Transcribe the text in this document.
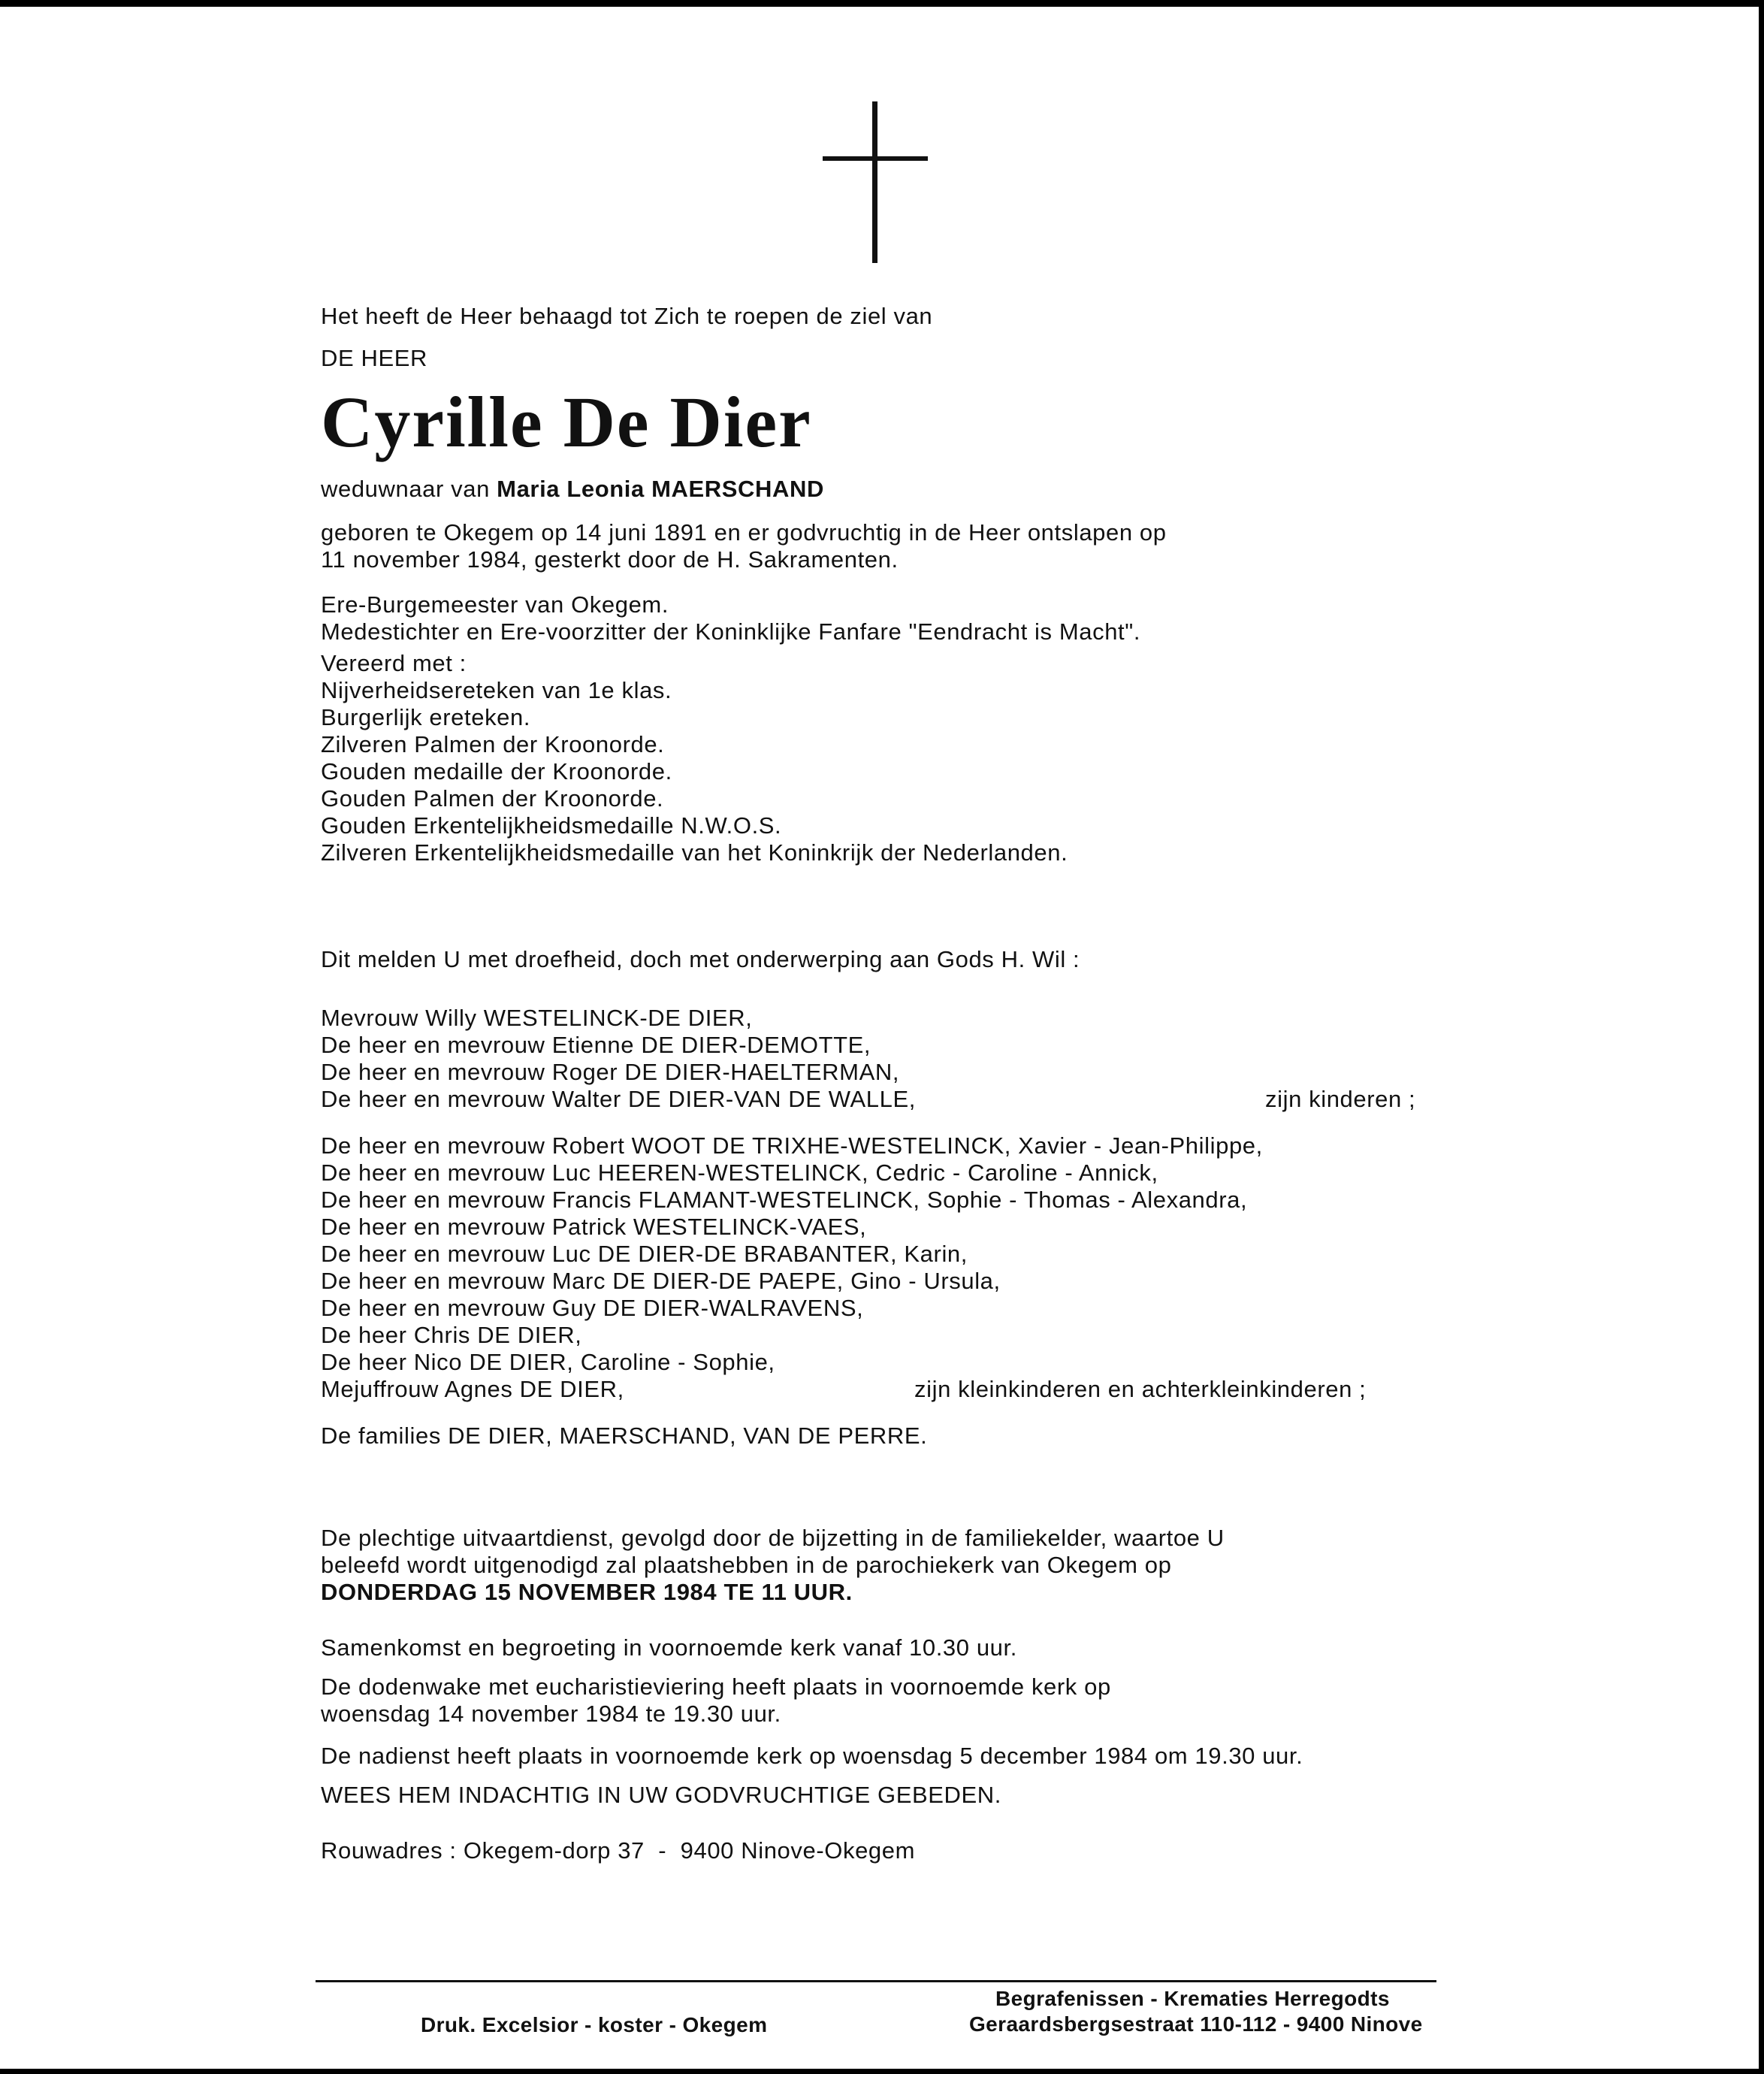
Het heeft de Heer behaagd tot Zich te roepen de ziel van

DE HEER

Cyrille De Dier

weduwnaar van Maria Leonia MAERSCHAND

geboren te Okegem op 14 juni 1891 en er godvruchtig in de Heer ontslapen op

11 november 1984, gesterkt door de H. Sakramenten.

Ere-Burgemeester van Okegem.

Medestichter en Ere-voorzitter der Koninklijke Fanfare "Eendracht is Macht".

Vereerd met :

Nijverheidsereteken van 1e klas.

Burgerlijk ereteken.

Zilveren Palmen der Kroonorde.

Gouden medaille der Kroonorde.

Gouden Palmen der Kroonorde.

Gouden Erkentelijkheidsmedaille N.W.O.S.

Zilveren Erkentelijkheidsmedaille van het Koninkrijk der Nederlanden.

Dit melden U met droefheid, doch met onderwerping aan Gods H. Wil :

Mevrouw Willy WESTELINCK-DE DIER,

De heer en mevrouw Etienne DE DIER-DEMOTTE,

De heer en mevrouw Roger DE DIER-HAELTERMAN,

De heer en mevrouw Walter DE DIER-VAN DE WALLE,	zijn kinderen ;

De heer en mevrouw Robert WOOT DE TRIXHE-WESTELINCK, Xavier - Jean-Philippe,

De heer en mevrouw Luc HEEREN-WESTELINCK, Cedric - Caroline - Annick,

De heer en mevrouw Francis FLAMANT-WESTELINCK, Sophie - Thomas - Alexandra,

De heer en mevrouw Patrick WESTELINCK-VAES,

De heer en mevrouw Luc DE DIER-DE BRABANTER, Karin,

De heer en mevrouw Marc DE DIER-DE PAEPE, Gino - Ursula,

De heer en mevrouw Guy DE DIER-WALRAVENS,

De heer Chris DE DIER,

De heer Nico DE DIER, Caroline - Sophie,

Mejuffrouw Agnes DE DIER,	zijn kleinkinderen en achterkleinkinderen ;

De families DE DIER, MAERSCHAND, VAN DE PERRE.

De plechtige uitvaartdienst, gevolgd door de bijzetting in de familiekelder, waartoe U

beleefd wordt uitgenodigd zal plaatshebben in de parochiekerk van Okegem op

DONDERDAG 15 NOVEMBER 1984 TE 11 UUR.

Samenkomst en begroeting in voornoemde kerk vanaf 10.30 uur.

De dodenwake met eucharistieviering heeft plaats in voornoemde kerk op

woensdag 14 november 1984 te 19.30 uur.

De nadienst heeft plaats in voornoemde kerk op woensdag 5 december 1984 om 19.30 uur.

WEES HEM INDACHTIG IN UW GODVRUCHTIGE GEBEDEN.

Rouwadres : Okegem-dorp 37  -  9400 Ninove-Okegem

Druk. Excelsior - koster - Okegem
Begrafenissen - Krematies Herregodts
Geraardsbergsestraat 110-112 - 9400 Ninove
